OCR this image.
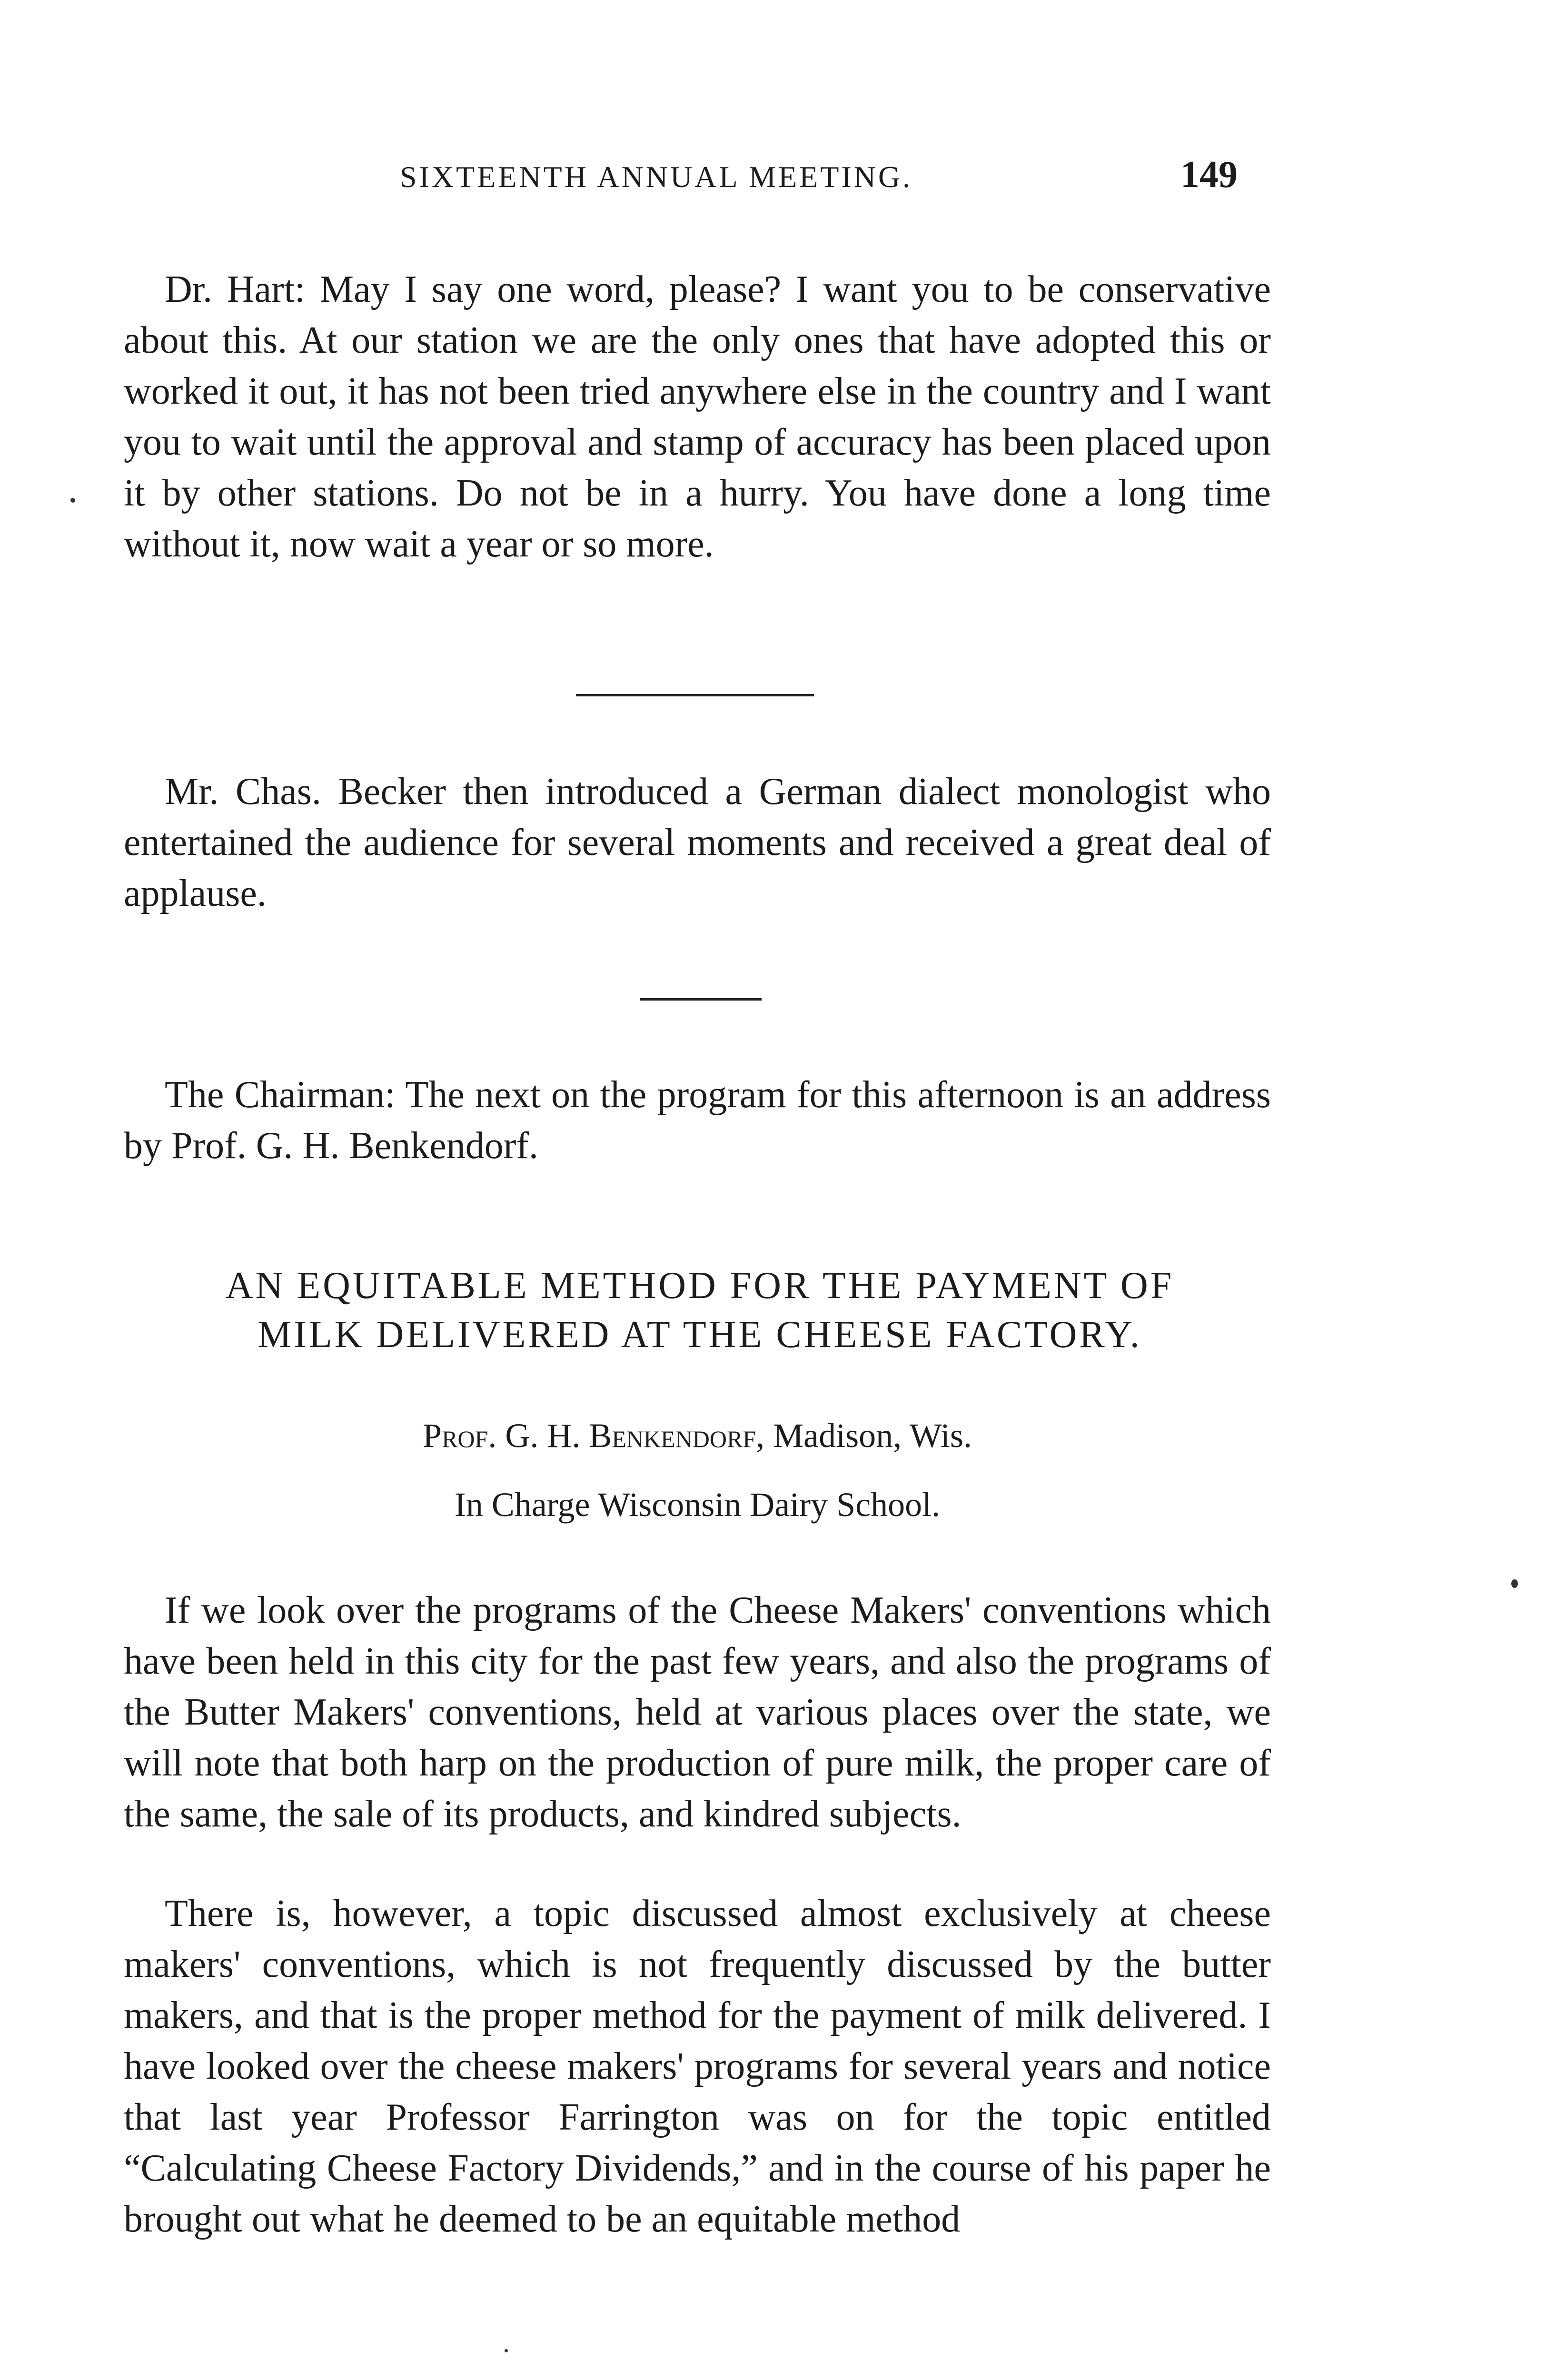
SIXTEENTH ANNUAL MEETING.	149

Dr. Hart: May I say one word, please? I want you to be conservative about this. At our station we are the only ones that have adopted this or worked it out, it has not been tried anywhere else in the country and I want you to wait until the approval and stamp of accuracy has been placed upon it by other stations. Do not be in a hurry. You have done a long time without it, now wait a year or so more.

Mr. Chas. Becker then introduced a German dialect monologist who entertained the audience for several moments and received a great deal of applause.

The Chairman: The next on the program for this afternoon is an address by Prof. G. H. Benkendorf.

AN EQUITABLE METHOD FOR THE PAYMENT OF
MILK DELIVERED AT THE CHEESE FACTORY.
Prof. G. H. Benkendorf, Madison, Wis.
In Charge Wisconsin Dairy School.

If we look over the programs of the Cheese Makers' conventions which have been held in this city for the past few years, and also the programs of the Butter Makers' conventions, held at various places over the state, we will note that both harp on the production of pure milk, the proper care of the same, the sale of its products, and kindred subjects.

There is, however, a topic discussed almost exclusively at cheese makers' conventions, which is not frequently discussed by the butter makers, and that is the proper method for the payment of milk delivered. I have looked over the cheese makers' programs for several years and notice that last year Professor Farrington was on for the topic entitled “Calculating Cheese Factory Dividends,” and in the course of his paper he brought out what he deemed to be an equitable method
